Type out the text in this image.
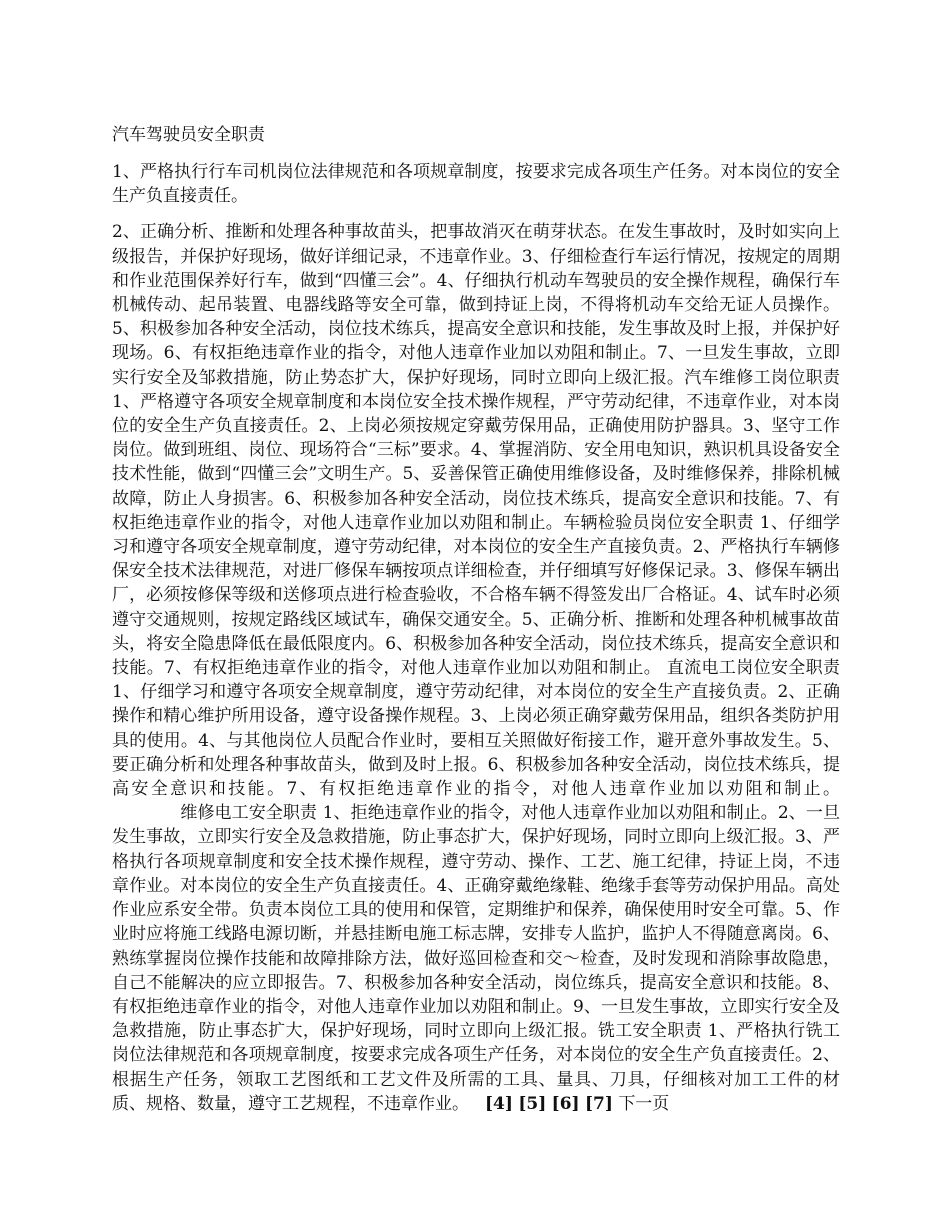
汽车驾驶员安全职责

1、严格执行行车司机岗位法律规范和各项规章制度，按要求完成各项生产任务。对本岗位的安全生产负直接责任。

2、正确分析、推断和处理各种事故苗头，把事故消灭在萌芽状态。在发生事故时，及时如实向上级报告，并保护好现场，做好详细记录，不违章作业。3、仔细检查行车运行情况，按规定的周期和作业范围保养好行车，做到“四懂三会”。4、仔细执行机动车驾驶员的安全操作规程，确保行车机械传动、起吊装置、电器线路等安全可靠，做到持证上岗，不得将机动车交给无证人员操作。5、积极参加各种安全活动，岗位技术练兵，提高安全意识和技能，发生事故及时上报，并保护好现场。6、有权拒绝违章作业的指令，对他人违章作业加以劝阻和制止。7、一旦发生事故，立即实行安全及邹救措施，防止势态扩大，保护好现场，同时立即向上级汇报。汽车维修工岗位职责 1、严格遵守各项安全规章制度和本岗位安全技术操作规程，严守劳动纪律，不违章作业，对本岗位的安全生产负直接责任。2、上岗必须按规定穿戴劳保用品，正确使用防护器具。3、坚守工作岗位。做到班组、岗位、现场符合“三标”要求。4、掌握消防、安全用电知识，熟识机具设备安全技术性能，做到“四懂三会”文明生产。5、妥善保管正确使用维修设备，及时维修保养，排除机械故障，防止人身损害。6、积极参加各种安全活动，岗位技术练兵，提高安全意识和技能。7、有权拒绝违章作业的指令，对他人违章作业加以劝阻和制止。车辆检验员岗位安全职责 1、仔细学习和遵守各项安全规章制度，遵守劳动纪律，对本岗位的安全生产直接负责。2、严格执行车辆修保安全技术法律规范，对进厂修保车辆按项点详细检查，并仔细填写好修保记录。3、修保车辆出厂，必须按修保等级和送修项点进行检查验收，不合格车辆不得签发出厂合格证。4、试车时必须遵守交通规则，按规定路线区域试车，确保交通安全。5、正确分析、推断和处理各种机械事故苗头，将安全隐患降低在最低限度内。6、积极参加各种安全活动，岗位技术练兵，提高安全意识和技能。7、有权拒绝违章作业的指令，对他人违章作业加以劝阻和制止。 直流电工岗位安全职责 1、仔细学习和遵守各项安全规章制度，遵守劳动纪律，对本岗位的安全生产直接负责。2、正确操作和精心维护所用设备，遵守设备操作规程。3、上岗必须正确穿戴劳保用品，组织各类防护用具的使用。4、与其他岗位人员配合作业时，要相互关照做好衔接工作，避开意外事故发生。5、要正确分析和处理各种事故苗头，做到及时上报。6、积极参加各种安全活动，岗位技术练兵，提高安全意识和技能。7、有权拒绝违章作业的指令，对他人违章作业加以劝阻和制止。 　　　　维修电工安全职责 1、拒绝违章作业的指令，对他人违章作业加以劝阻和制止。2、一旦发生事故，立即实行安全及急救措施，防止事态扩大，保护好现场，同时立即向上级汇报。3、严格执行各项规章制度和安全技术操作规程，遵守劳动、操作、工艺、施工纪律，持证上岗，不违章作业。对本岗位的安全生产负直接责任。4、正确穿戴绝缘鞋、绝缘手套等劳动保护用品。高处作业应系安全带。负责本岗位工具的使用和保管，定期维护和保养，确保使用时安全可靠。5、作业时应将施工线路电源切断，并悬挂断电施工标志牌，安排专人监护，监护人不得随意离岗。6、熟练掌握岗位操作技能和故障排除方法，做好巡回检查和交～检查，及时发现和消除事故隐患，自己不能解决的应立即报告。7、积极参加各种安全活动，岗位练兵，提高安全意识和技能。8、有权拒绝违章作业的指令，对他人违章作业加以劝阻和制止。9、一旦发生事故，立即实行安全及急救措施，防止事态扩大，保护好现场，同时立即向上级汇报。铣工安全职责 1、严格执行铣工岗位法律规范和各项规章制度，按要求完成各项生产任务，对本岗位的安全生产负直接责任。2、根据生产任务，领取工艺图纸和工艺文件及所需的工具、量具、刀具，仔细核对加工工件的材质、规格、数量，遵守工艺规程，不违章作业。 [4] [5] [6] [7] 下一页
